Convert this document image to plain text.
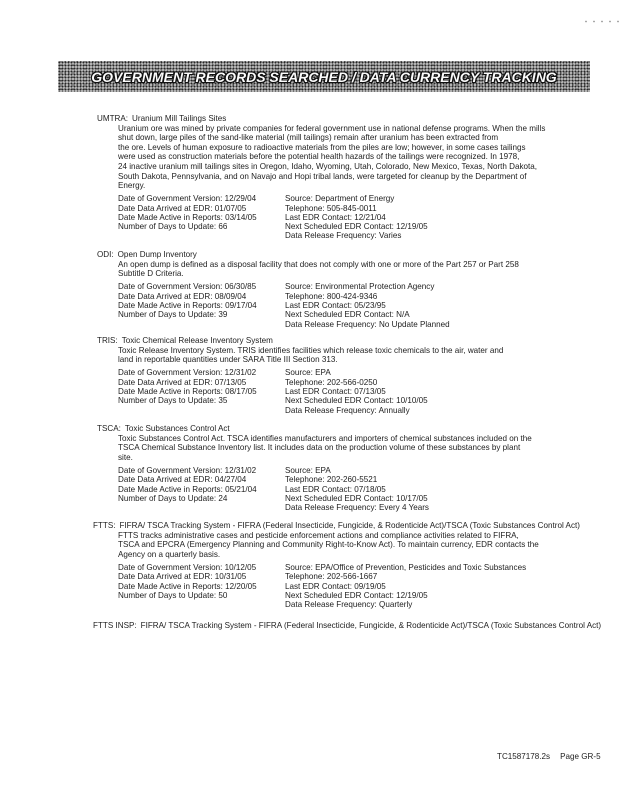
GOVERNMENT RECORDS SEARCHED / DATA CURRENCY TRACKING
UMTRA: Uranium Mill Tailings Sites
Uranium ore was mined by private companies for federal government use in national defense programs. When the mills
shut down, large piles of the sand-like material (mill tailings) remain after uranium has been extracted from
the ore. Levels of human exposure to radioactive materials from the piles are low; however, in some cases tailings
were used as construction materials before the potential health hazards of the tailings were recognized. In 1978,
24 inactive uranium mill tailings sites in Oregon, Idaho, Wyoming, Utah, Colorado, New Mexico, Texas, North Dakota,
South Dakota, Pennsylvania, and on Navajo and Hopi tribal lands, were targeted for cleanup by the Department of
Energy.
Date of Government Version: 12/29/04
Date Data Arrived at EDR: 01/07/05
Date Made Active in Reports: 03/14/05
Number of Days to Update: 66
Source: Department of Energy
Telephone: 505-845-0011
Last EDR Contact: 12/21/04
Next Scheduled EDR Contact: 12/19/05
Data Release Frequency: Varies
ODI: Open Dump Inventory
An open dump is defined as a disposal facility that does not comply with one or more of the Part 257 or Part 258
Subtitle D Criteria.
Date of Government Version: 06/30/85
Date Data Arrived at EDR: 08/09/04
Date Made Active in Reports: 09/17/04
Number of Days to Update: 39
Source: Environmental Protection Agency
Telephone: 800-424-9346
Last EDR Contact: 05/23/95
Next Scheduled EDR Contact: N/A
Data Release Frequency: No Update Planned
TRIS: Toxic Chemical Release Inventory System
Toxic Release Inventory System. TRIS identifies facilities which release toxic chemicals to the air, water and
land in reportable quantities under SARA Title III Section 313.
Date of Government Version: 12/31/02
Date Data Arrived at EDR: 07/13/05
Date Made Active in Reports: 08/17/05
Number of Days to Update: 35
Source: EPA
Telephone: 202-566-0250
Last EDR Contact: 07/13/05
Next Scheduled EDR Contact: 10/10/05
Data Release Frequency: Annually
TSCA: Toxic Substances Control Act
Toxic Substances Control Act. TSCA identifies manufacturers and importers of chemical substances included on the
TSCA Chemical Substance Inventory list. It includes data on the production volume of these substances by plant
site.
Date of Government Version: 12/31/02
Date Data Arrived at EDR: 04/27/04
Date Made Active in Reports: 05/21/04
Number of Days to Update: 24
Source: EPA
Telephone: 202-260-5521
Last EDR Contact: 07/18/05
Next Scheduled EDR Contact: 10/17/05
Data Release Frequency: Every 4 Years
FTTS: FIFRA/ TSCA Tracking System - FIFRA (Federal Insecticide, Fungicide, & Rodenticide Act)/TSCA (Toxic Substances Control Act)
FTTS tracks administrative cases and pesticide enforcement actions and compliance activities related to FIFRA,
TSCA and EPCRA (Emergency Planning and Community Right-to-Know Act). To maintain currency, EDR contacts the
Agency on a quarterly basis.
Date of Government Version: 10/12/05
Date Data Arrived at EDR: 10/31/05
Date Made Active in Reports: 12/20/05
Number of Days to Update: 50
Source: EPA/Office of Prevention, Pesticides and Toxic Substances
Telephone: 202-566-1667
Last EDR Contact: 09/19/05
Next Scheduled EDR Contact: 12/19/05
Data Release Frequency: Quarterly
FTTS INSP: FIFRA/ TSCA Tracking System - FIFRA (Federal Insecticide, Fungicide, & Rodenticide Act)/TSCA (Toxic Substances Control Act)
TC1587178.2s Page GR-5
